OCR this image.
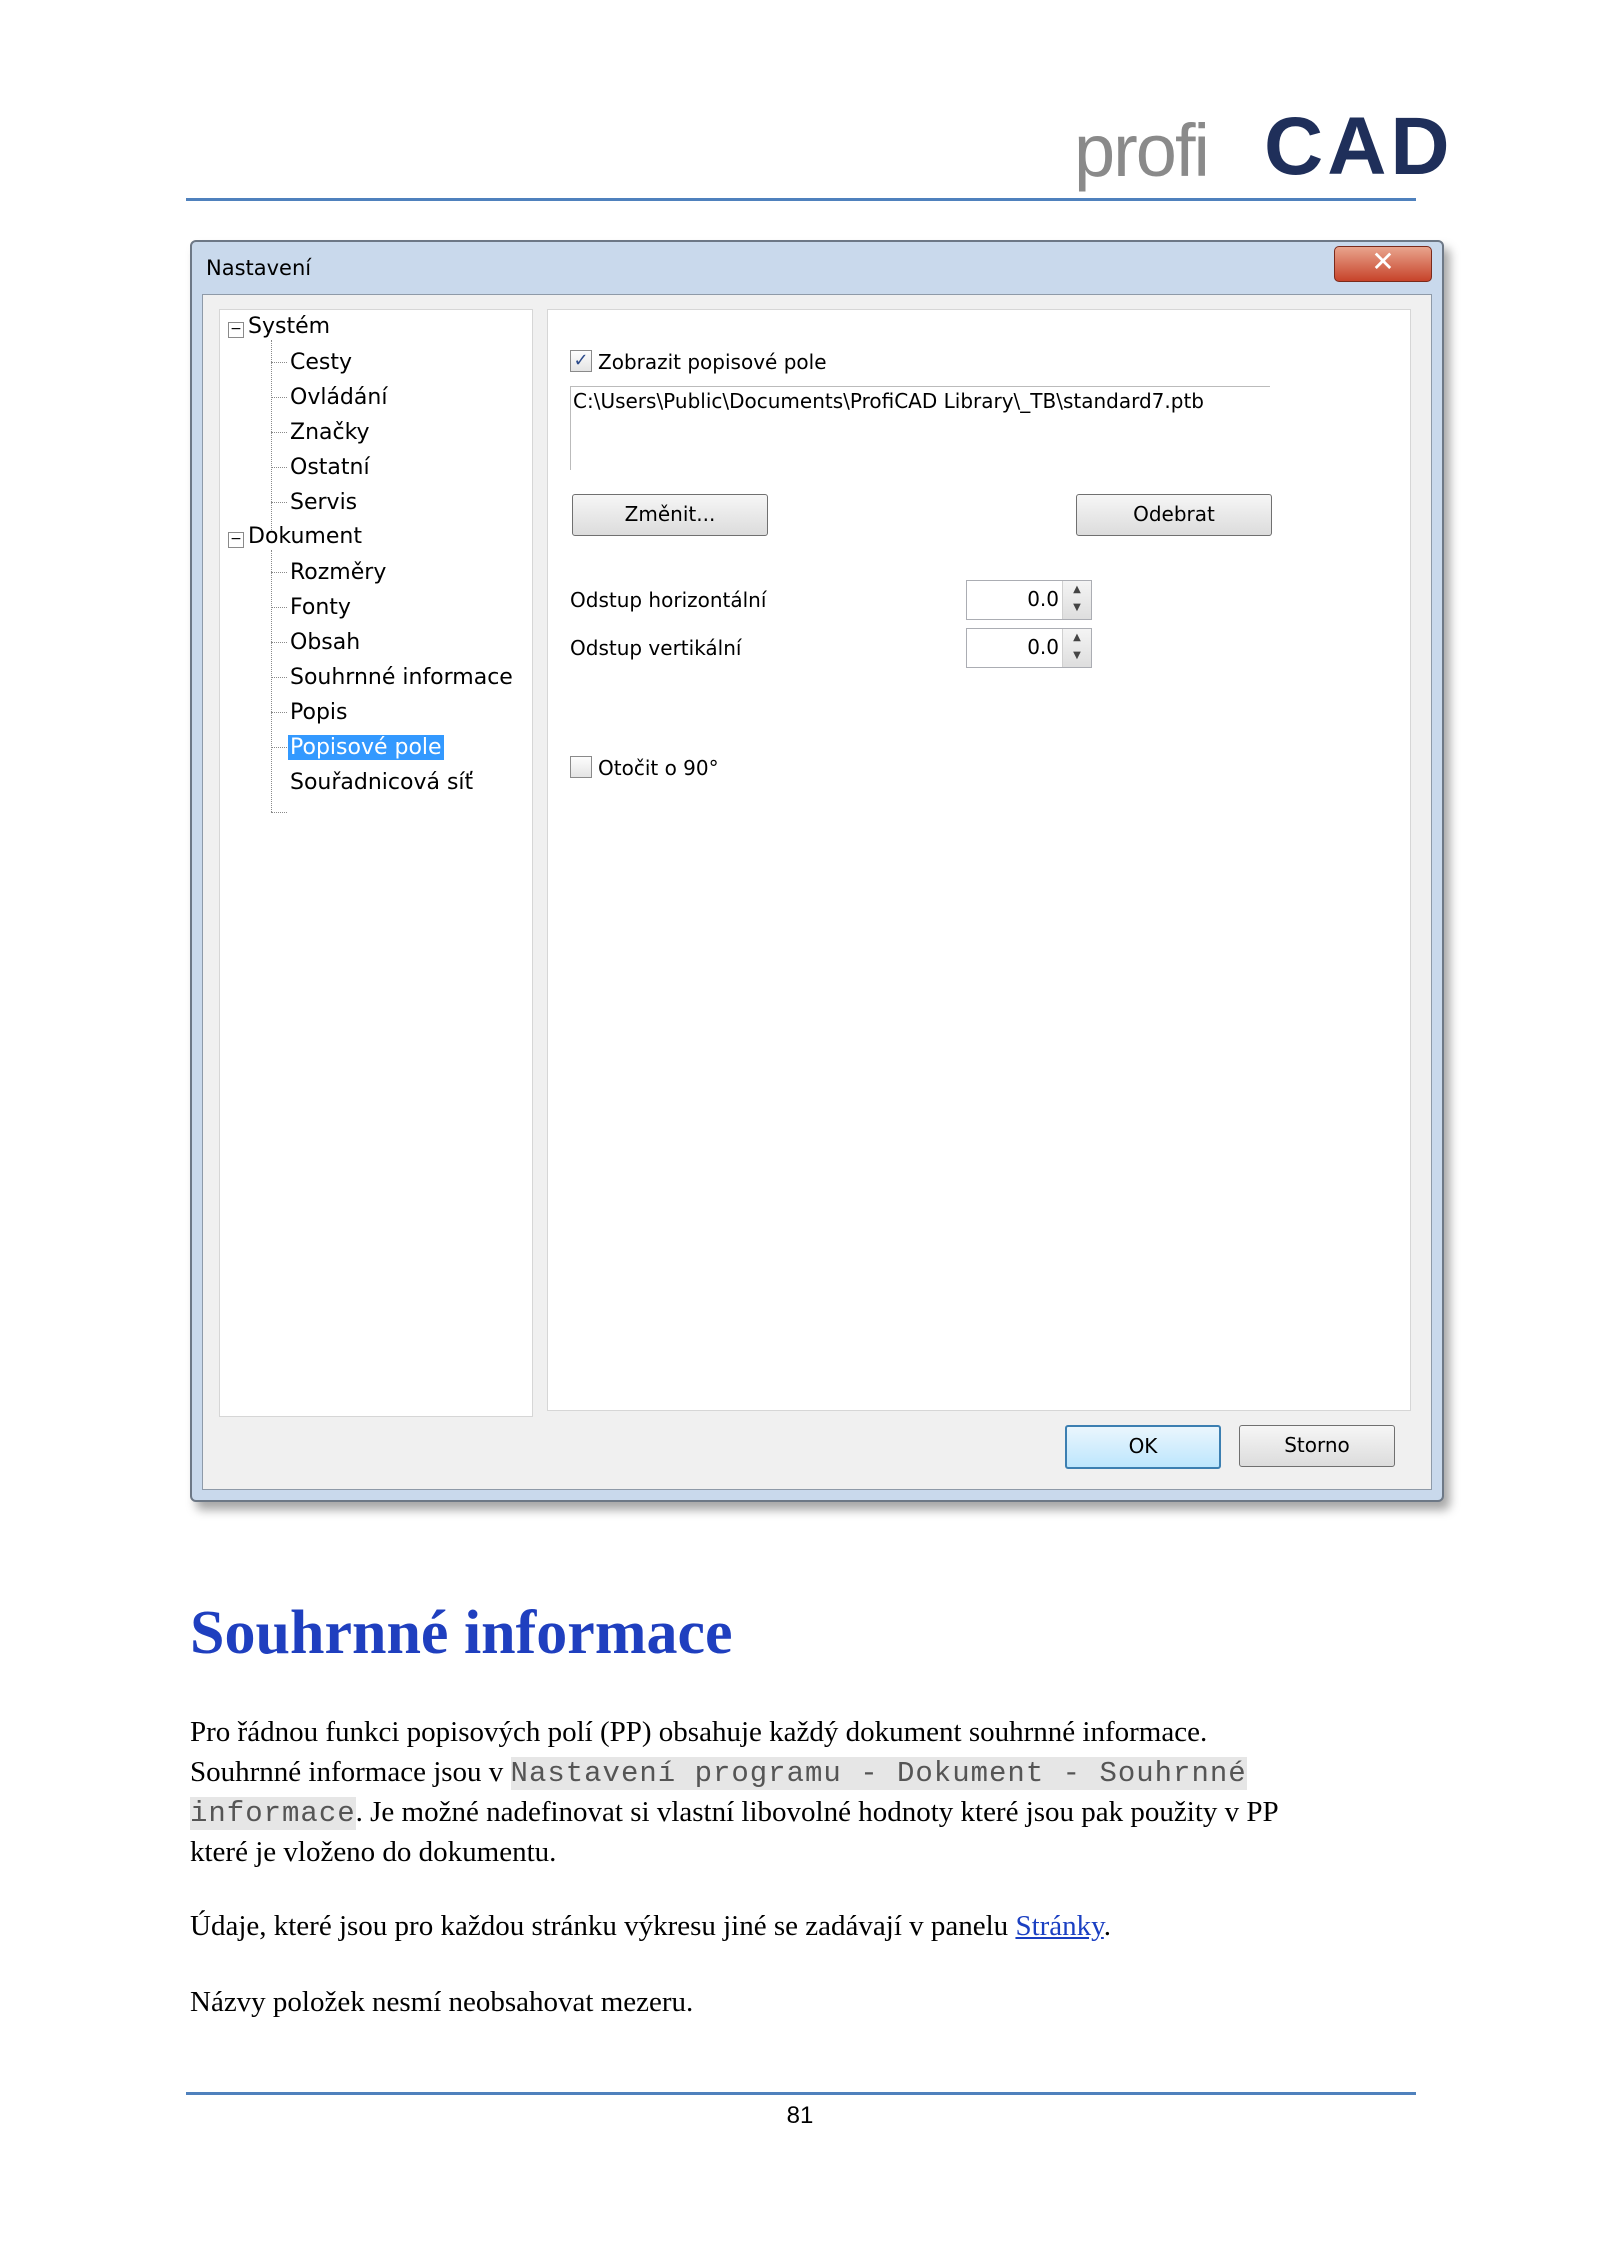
profi CAD
Nastavení	✕
− Systém
Cesty
Ovládání
Značky
Ostatní
Servis
− Dokument
Rozměry
Fonty
Obsah
Souhrnné informace
Popis
Popisové pole
Souřadnicová síť
✓ Zobrazit popisové pole
C:\Users\Public\Documents\ProfiCAD Library\_TB\standard7.ptb
Změnit...	Odebrat
Odstup horizontální	0.0	▲
▼
Odstup vertikální	0.0	▲
▼
Otočit o 90°
OK	Storno
Souhrnné informace
Pro řádnou funkci popisových polí (PP) obsahuje každý dokument souhrnné informace.
Souhrnné informace jsou v Nastavení programu - Dokument - Souhrnné
informace. Je možné nadefinovat si vlastní libovolné hodnoty které jsou pak použity v PP
které je vloženo do dokumentu.
Údaje, které jsou pro každou stránku výkresu jiné se zadávají v panelu Stránky.
Názvy položek nesmí neobsahovat mezeru.
81
